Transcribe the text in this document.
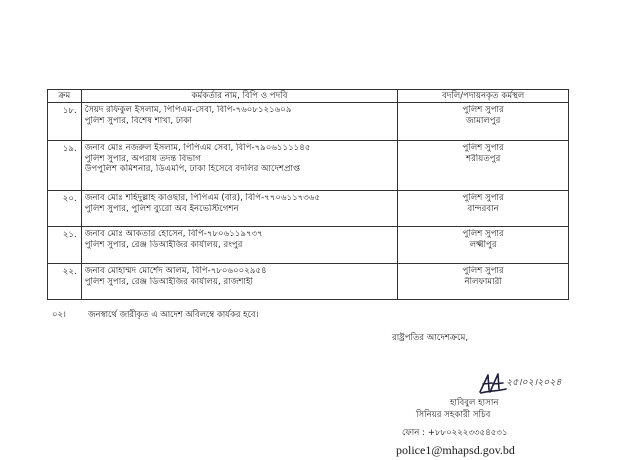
ক্রম	কর্মকর্তার নাম, বিপি ও পদবি	বদলি/পদায়নকৃত কর্মস্থল
১৮.	সৈয়দ রফিকুল ইসলাম, পিপিএম-সেবা, বিপি-৭৬০৮১২১৬০৯
পুলিশ সুপার, বিশেষ শাখা, ঢাকা	পুলিশ সুপার
জামালপুর

১৯.	জনাব মোঃ নজরুল ইসলাম, পিপিএম সেবা, বিপি-৭৯০৬১১১১৪৫
পুলিশ সুপার, অপরাধ তদন্ত বিভাগ
উপপুলিশ কমিশনার, ডিএমপি, ঢাকা হিসেবে বদলির আদেশপ্রাপ্ত	পুলিশ সুপার
শরীয়তপুর

২০.	জনাব মোঃ শহিদুল্লাহ কাওছার, পিপিএম (বার), বিপি-৭৭০৬১১৭৩৬৫
পুলিশ সুপার, পুলিশ ব্যুরো অব ইনভেস্টিগেশন	পুলিশ সুপার
বান্দরবান

২১.	জনাব মোঃ আকতার হোসেন, বিপি-৭৮০৬১১৯৭৩৭
পুলিশ সুপার, রেঞ্জ ডিআইজির কার্যালয়, রংপুর	পুলিশ সুপার
লক্ষ্মীপুর

২২.	জনাব মোহাম্মদ মোর্শেদ আলম, বিপি-৭৮০৬০০২৯৫৪
পুলিশ সুপার, রেঞ্জ ডিআইজির কার্যালয়, রাজশাহী	পুলিশ সুপার
নীলফামারী
০২।	জনস্বার্থে জারীকৃত এ আদেশ অবিলম্বে কার্যকর হবে।
রাষ্ট্রপতির আদেশক্রমে,
২৫।০২।২০২৪
হাবিবুল হাসান
সিনিয়র সহকারী সচিব
ফোন : +৮৮০২২২৩৩৫৪৫৩১
police1@mhapsd.gov.bd
